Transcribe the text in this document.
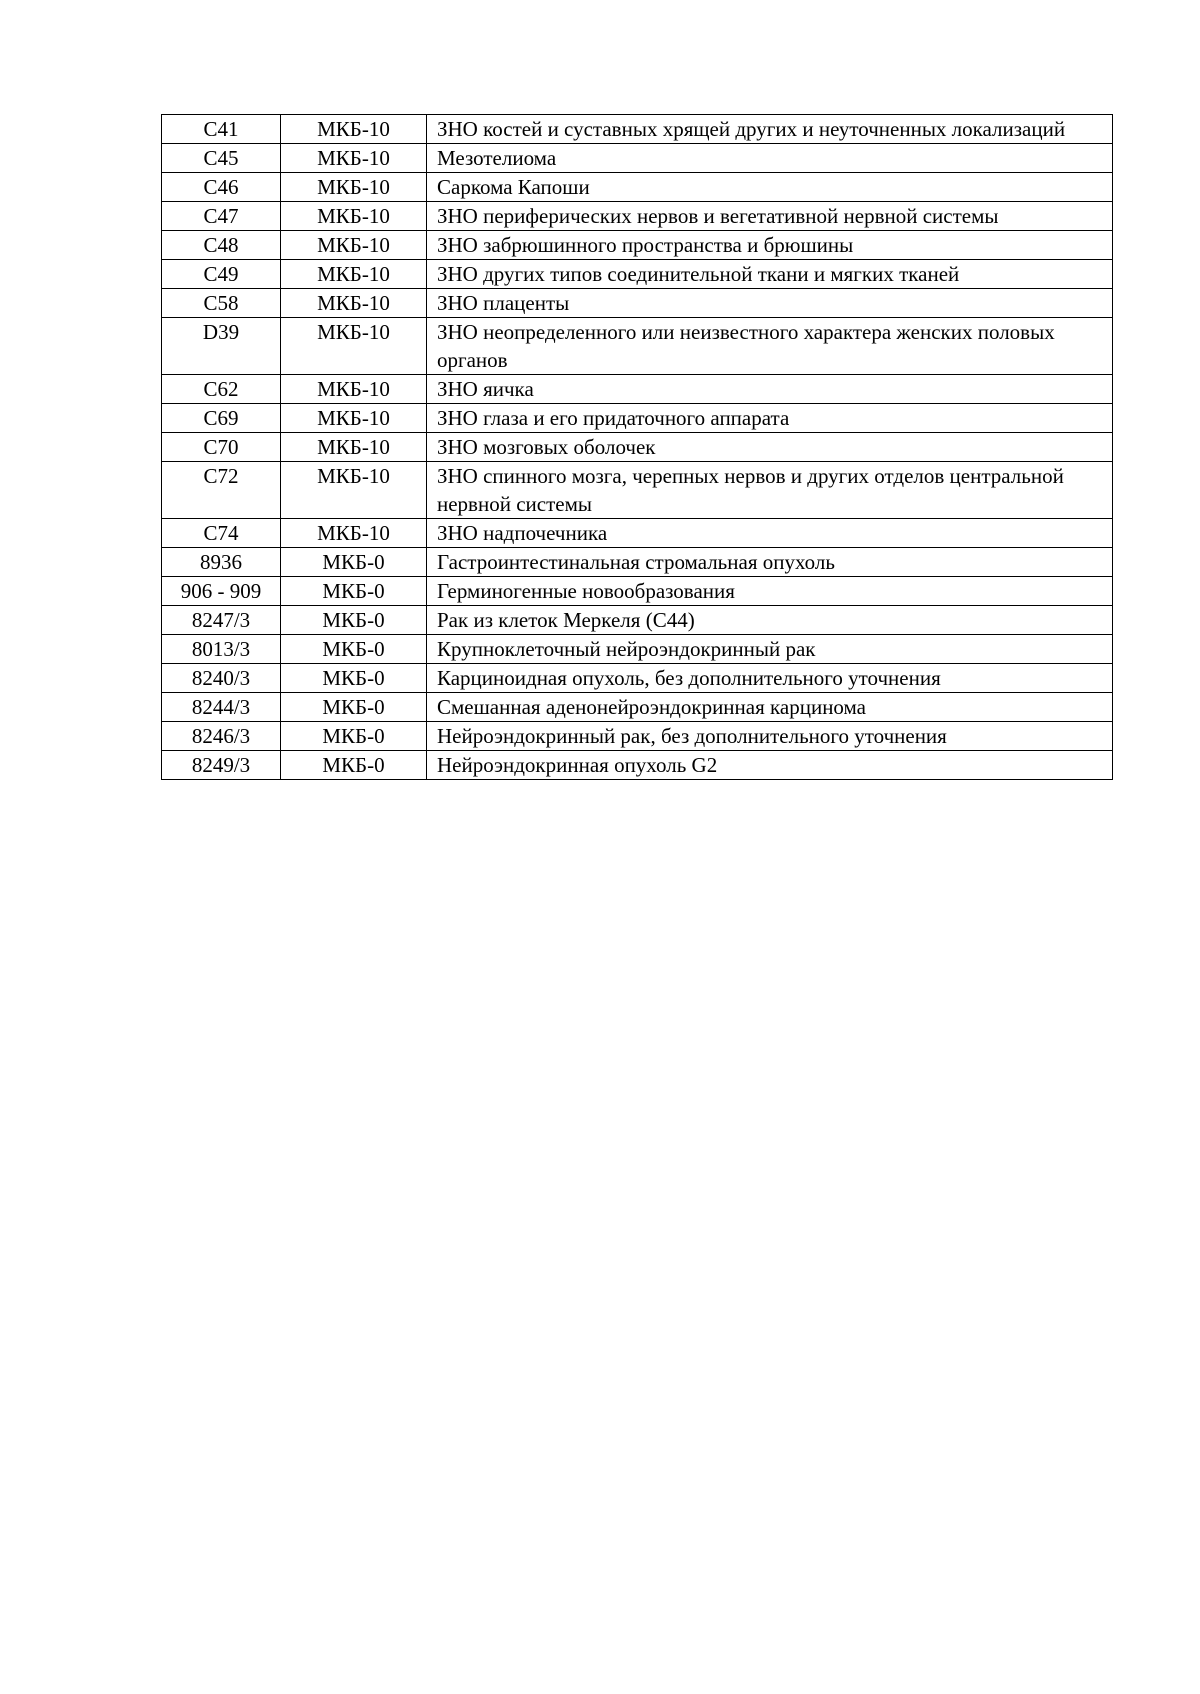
C41	МКБ-10	ЗНО костей и суставных хрящей других и неуточненных локализаций
C45	МКБ-10	Мезотелиома
C46	МКБ-10	Саркома Капоши
C47	МКБ-10	ЗНО периферических нервов и вегетативной нервной системы
C48	МКБ-10	ЗНО забрюшинного пространства и брюшины
C49	МКБ-10	ЗНО других типов соединительной ткани и мягких тканей
C58	МКБ-10	ЗНО плаценты
D39	МКБ-10	ЗНО неопределенного или неизвестного характера женских половых органов
C62	МКБ-10	ЗНО яичка
C69	МКБ-10	ЗНО глаза и его придаточного аппарата
C70	МКБ-10	ЗНО мозговых оболочек
C72	МКБ-10	ЗНО спинного мозга, черепных нервов и других отделов центральной нервной системы
C74	МКБ-10	ЗНО надпочечника
8936	МКБ-0	Гастроинтестинальная стромальная опухоль
906 - 909	МКБ-0	Герминогенные новообразования
8247/3	МКБ-0	Рак из клеток Меркеля (C44)
8013/3	МКБ-0	Крупноклеточный нейроэндокринный рак
8240/3	МКБ-0	Карциноидная опухоль, без дополнительного уточнения
8244/3	МКБ-0	Смешанная аденонейроэндокринная карцинома
8246/3	МКБ-0	Нейроэндокринный рак, без дополнительного уточнения
8249/3	МКБ-0	Нейроэндокринная опухоль G2
